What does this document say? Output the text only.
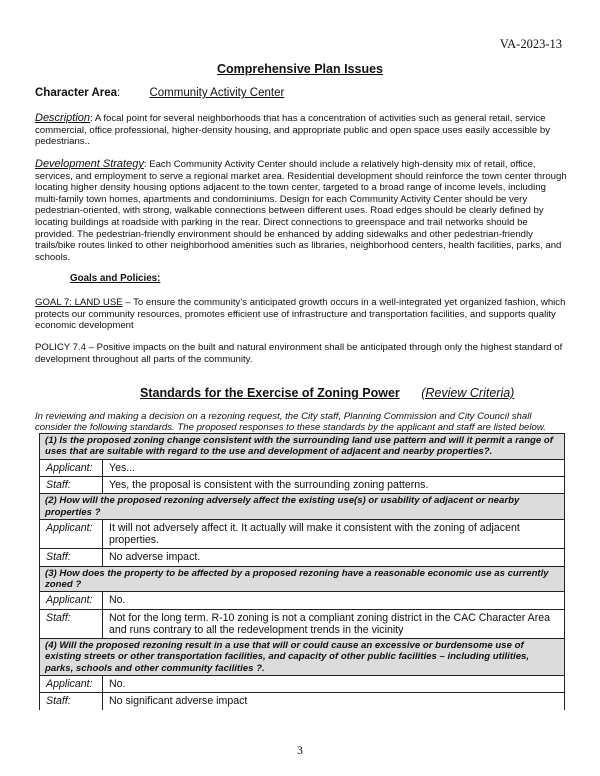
VA-2023-13
Comprehensive Plan Issues
Character Area:	Community Activity Center

Description: A focal point for several neighborhoods that has a concentration of activities such as general retail, service commercial, office professional, higher-density housing, and appropriate public and open space uses easily accessible by pedestrians..

Development Strategy: Each Community Activity Center should include a relatively high-density mix of retail, office, services, and employment to serve a regional market area. Residential development should reinforce the town center through locating higher density housing options adjacent to the town center, targeted to a broad range of income levels, including multi-family town homes, apartments and condominiums. Design for each Community Activity Center should be very pedestrian-oriented, with strong, walkable connections between different uses. Road edges should be clearly defined by locating buildings at roadside with parking in the rear. Direct connections to greenspace and trail networks should be provided. The pedestrian-friendly environment should be enhanced by adding sidewalks and other pedestrian-friendly trails/bike routes linked to other neighborhood amenities such as libraries, neighborhood centers, health facilities, parks, and schools.

Goals and Policies:

GOAL 7: LAND USE – To ensure the community’s anticipated growth occurs in a well-integrated yet organized fashion, which protects our community resources, promotes efficient use of infrastructure and transportation facilities, and supports quality economic development

POLICY 7.4 – Positive impacts on the built and natural environment shall be anticipated through only the highest standard of development throughout all parts of the community.

Standards for the Exercise of Zoning Power (Review Criteria)

In reviewing and making a decision on a rezoning request, the City staff, Planning Commission and City Council shall consider the following standards. The proposed responses to these standards by the applicant and staff are listed below.

(1) Is the proposed zoning change consistent with the surrounding land use pattern and will it permit a range of uses that are suitable with regard to the use and development of adjacent and nearby properties?.
Applicant:	Yes...
Staff:	Yes, the proposal is consistent with the surrounding zoning patterns.
(2) How will the proposed rezoning adversely affect the existing use(s) or usability of adjacent or nearby properties ?
Applicant:	It will not adversely affect it. It actually will make it consistent with the zoning of adjacent properties.
Staff:	No adverse impact.
(3) How does the property to be affected by a proposed rezoning have a reasonable economic use as currently zoned ?
Applicant:	No.
Staff:	Not for the long term. R-10 zoning is not a compliant zoning district in the CAC Character Area and runs contrary to all the redevelopment trends in the vicinity
(4) Will the proposed rezoning result in a use that will or could cause an excessive or burdensome use of existing streets or other transportation facilities, and capacity of other public facilities – including utilities, parks, schools and other community facilities ?.
Applicant:	No.
Staff:	No significant adverse impact
3
